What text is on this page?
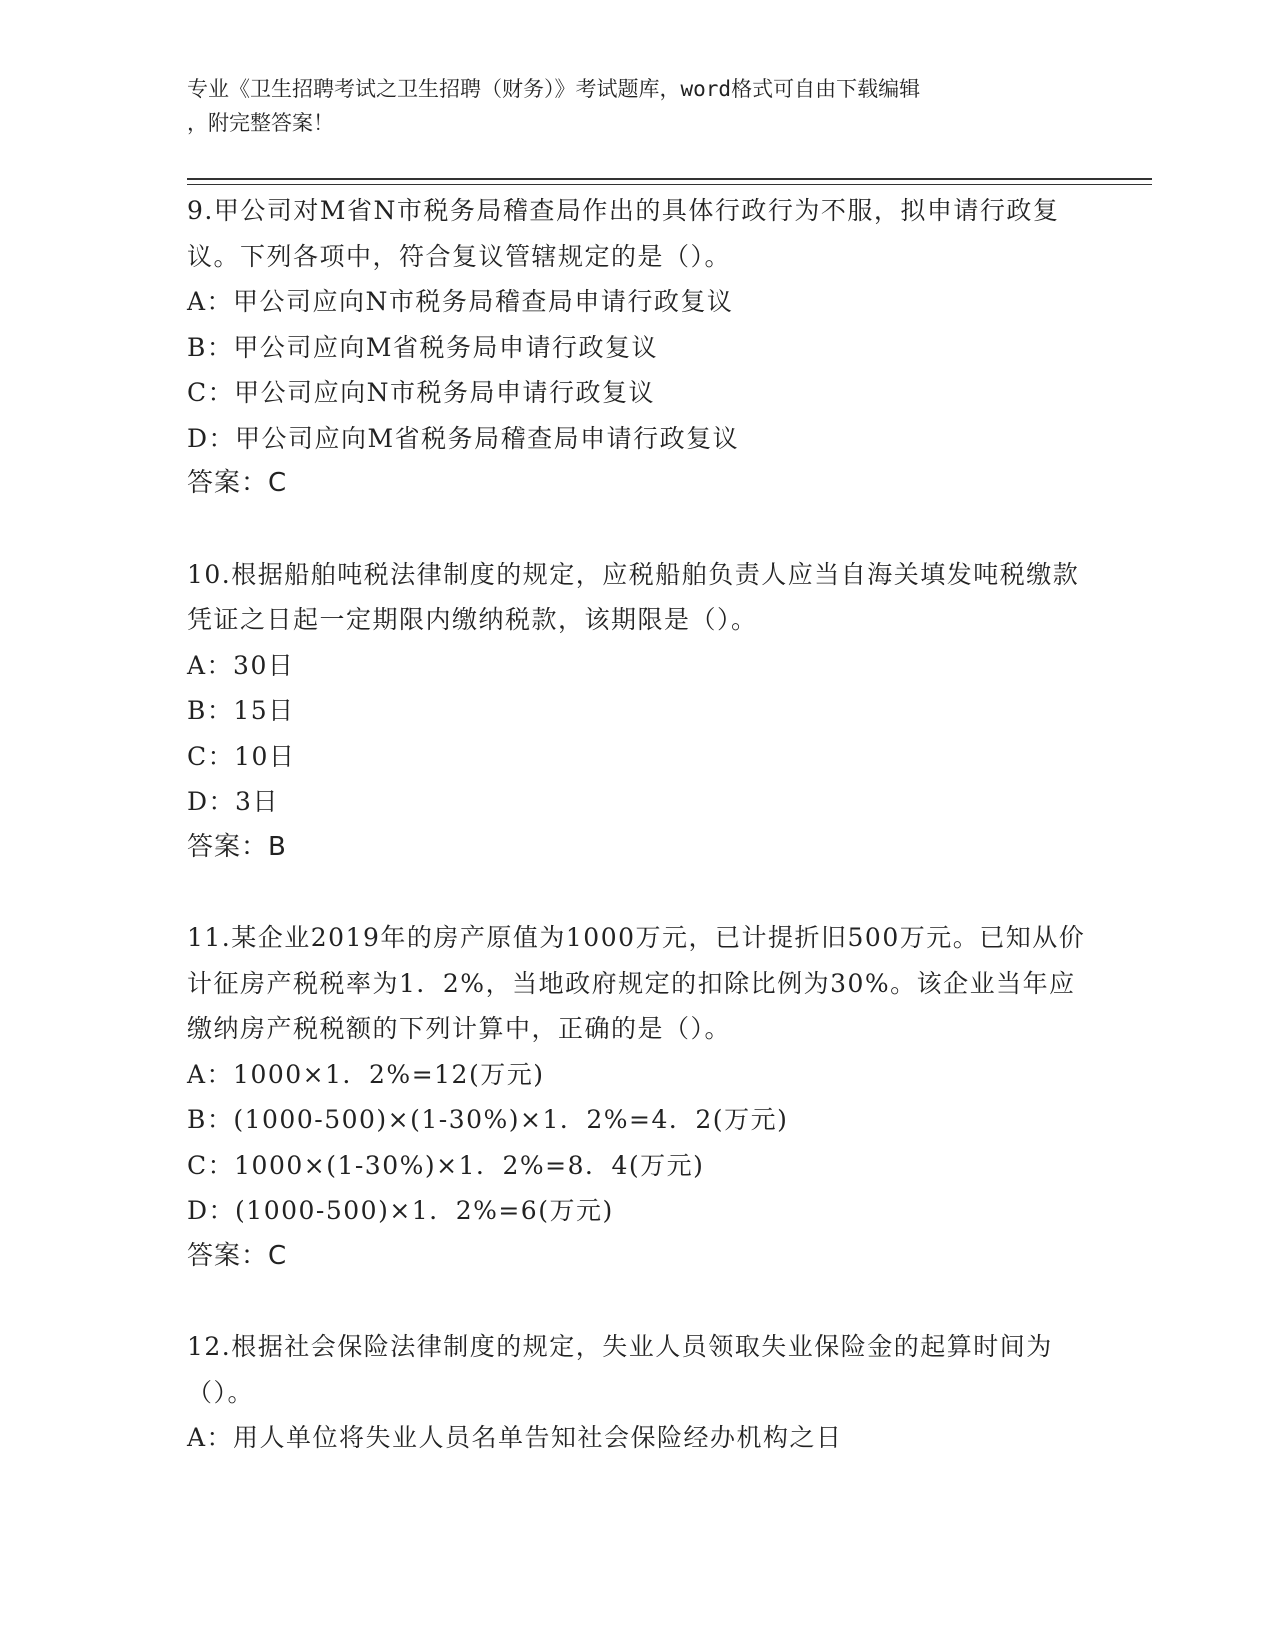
专业《卫生招聘考试之卫生招聘（财务）》考试题库，word格式可自由下载编辑
，附完整答案！
9.甲公司对M省N市税务局稽查局作出的具体行政行为不服，拟申请行政复议。下列各项中，符合复议管辖规定的是（）。
A：甲公司应向N市税务局稽查局申请行政复议
B：甲公司应向M省税务局申请行政复议
C：甲公司应向N市税务局申请行政复议
D：甲公司应向M省税务局稽查局申请行政复议
答案：C
10.根据船舶吨税法律制度的规定，应税船舶负责人应当自海关填发吨税缴款凭证之日起一定期限内缴纳税款，该期限是（）。
A：30日
B：15日
C：10日
D：3日
答案：B
11.某企业2019年的房产原值为1000万元，已计提折旧500万元。已知从价计征房产税税率为1．2%，当地政府规定的扣除比例为30%。该企业当年应缴纳房产税税额的下列计算中，正确的是（）。
A：1000×1．2%=12(万元)
B：(1000-500)×(1-30%)×1．2%=4．2(万元)
C：1000×(1-30%)×1．2%=8．4(万元)
D：(1000-500)×1．2%=6(万元)
答案：C
12.根据社会保险法律制度的规定，失业人员领取失业保险金的起算时间为（）。
A：用人单位将失业人员名单告知社会保险经办机构之日
